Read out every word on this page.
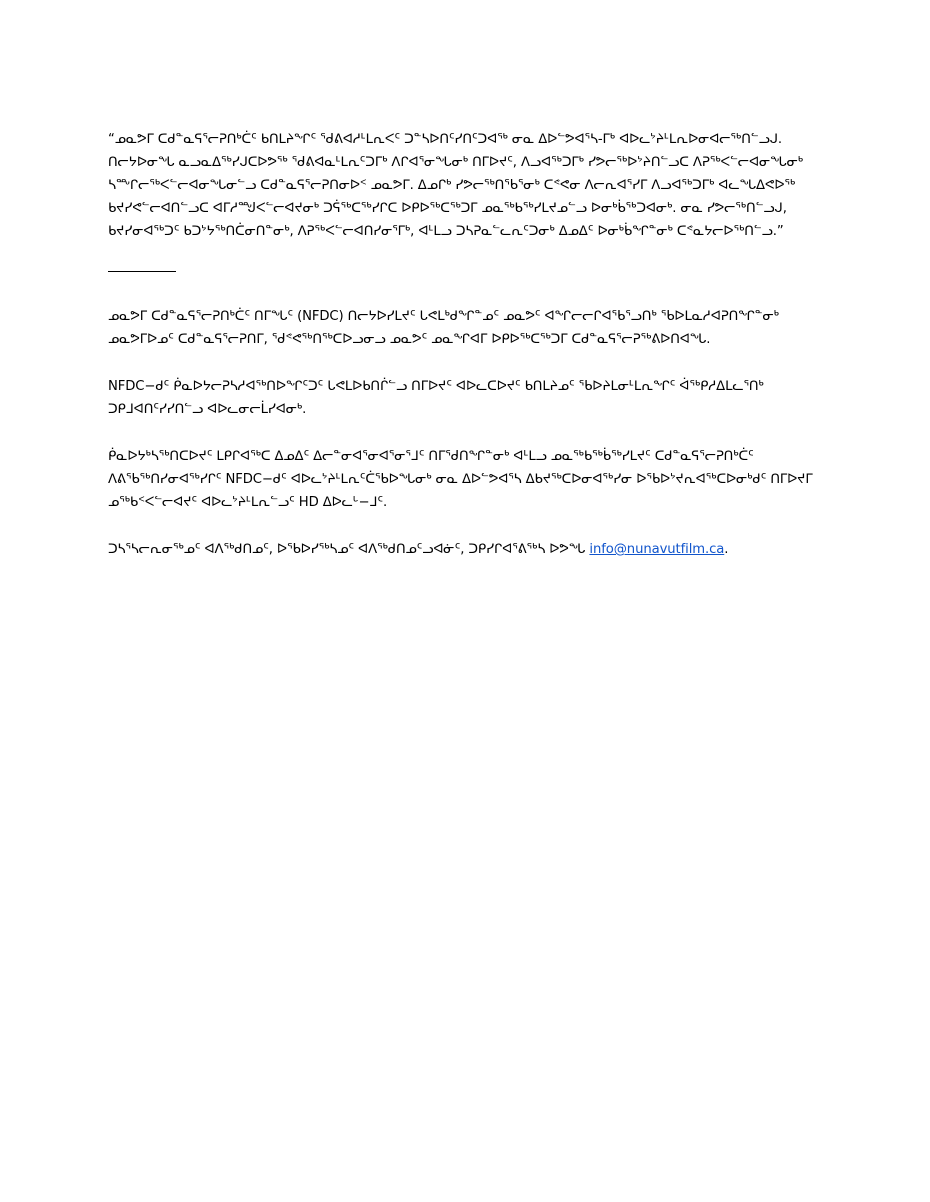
“ᓄᓇᕗᒥ ᑕᑯᓐᓇᕋᕐᓕᕈᑎᒃᑖᑦ ᑲᑎᒪᔨᖏᑦ ᖁᕕᐊᓱᒻᒪᕆᐸᑦ ᑐᓐᓴᐅᑎᑦᓯᑎᑦᑐᐊᕐᒃ ᓂᓇ ᐃᐅᓪᕗᐊᕐᓴ-ᒥᒃ ᐊᐅᓚᔾᔨᒻᒪᕆᐅᓂᐊᓕᖅᑎᓪᓗᒍ. ᑎᓕᔭᐅᓂᖓ ᓇᓗᓇᐃᖅᓯᒍᑕᐅᕗᖅ ᖁᕕᐊᓇᒻᒪᕆᑦᑐᒥᒃ ᐱᒋᐊᕐᓂᖓᓂᒃ ᑎᒥᐅᔪᑦ, ᐱᓗᐊᖅᑐᒥᒃ ᓯᕗᓕᖅᐅᔾᔨᑎᓪᓗᑕ ᐱᕈᖅᐸᓪᓕᐊᓂᖓᓂᒃ ᓴᖖᒋᓕᖅᐸᓪᓕᐊᓂᖓᓂᓪᓗ ᑕᑯᓐᓇᕋᕐᓕᕈᑎᓂᐅᑉ ᓄᓇᕗᒥ. ᐃᓄᒋᒃ ᓯᕗᓕᖅᑎᖃᕐᓂᒃ ᑕᕝᕙᓂ ᐱᓕᕆᐊᕐᓯᒥ ᐱᓗᐊᖅᑐᒥᒃ ᐊᓚᖓᐃᕙᐅᖅ ᑲᔪᓯᕙᓪᓕᐊᑎᓪᓗᑕ ᐊᒥᓱᙳᐸᓪᓕᐊᔪᓂᒃ ᑐᕌᖅᑕᖅᓯᒋᑕ ᐅᑭᐅᖅᑕᖅᑐᒥ ᓄᓇᖅᑲᖅᓯᒪᔪᓄᓪᓗ ᐅᓂᒃᑳᖅᑐᐊᓂᒃ. ᓂᓇ ᓯᕗᓕᖅᑎᓪᓗᒍ, ᑲᔪᓯᓂᐊᖅᑐᑦ ᑲᑐᔾᔭᖅᑎᑖᓂᑎᓐᓂᒃ, ᐱᕈᖅᐸᓪᓕᐊᑎᓯᓂᕐᒥᒃ, ᐊᒻᒪᓗ ᑐᓴᕈᓇᓪᓚᕆᑦᑐᓂᒃ ᐃᓄᐃᑦ ᐅᓂᒃᑳᖏᓐᓂᒃ ᑕᕝᓇᔭᓕᐅᖅᑎᓪᓗ.”

ᓄᓇᕗᒥ ᑕᑯᓐᓇᕋᕐᓕᕈᑎᒃᑖᑦ ᑎᒥᖓᑦ (NFDC) ᑎᓕᔭᐅᓯᒪᔪᑦ ᒐᕙᒪᒃᑯᖏᓐᓄᑦ ᓄᓇᕗᑦ ᐊᖏᓕᓕᒋᐊᖃᕐᓗᑎᒃ ᖃᐅᒪᓇᓱᐊᕈᑎᖏᓐᓂᒃ ᓄᓇᕗᒥᐅᓄᑦ ᑕᑯᓐᓇᕋᕐᓕᕈᑎᒥ, ᖁᕝᕙᖅᑎᖅᑕᐅᓗᓂᓗ ᓄᓇᕗᑦ ᓄᓇᖏᐊᒥ ᐅᑭᐅᖅᑕᖅᑐᒥ ᑕᑯᓐᓇᕋᕐᓕᕈᖅᕕᐅᑎᐊᖓ.

NFDC−ᑯᑦ ᑮᓇᐅᔭᓕᕈᓴᓱᐊᖅᑎᐅᖏᑦᑐᑦ ᒐᕙᒪᐅᑲᑎᒌᓪᓗ ᑎᒥᐅᔪᑦ ᐊᐅᓚᑕᐅᔪᑦ ᑲᑎᒪᔨᓄᑦ ᖃᐅᔨᒪᓂᒻᒪᕆᖏᑦ ᐋᖅᑭᓱᐃᒪᓚᕐᑎᒃ ᑐᑭᒧᐊᑎᑦᓯᓯᑎᓪᓗ ᐊᐅᓚᓂᓕᒫᓯᐊᓂᒃ.

ᑮᓇᐅᔭᒃᓴᖅᑎᑕᐅᔪᑦ ᒪᑭᒋᐊᖅᑕ ᐃᓄᐃᑦ ᐃᓕᓐᓂᐊᕐᓂᐊᕐᓂᕐᒧᑦ ᑎᒥᖁᑎᖏᓐᓂᒃ ᐊᒻᒪᓗ ᓄᓇᖅᑲᖅᑳᖅᓯᒪᔪᑦ ᑕᑯᓐᓇᕋᕐᓕᕈᑎᒃᑖᑦ ᐱᕕᖃᖅᑎᓯᓂᐊᖅᓯᒋᑦ NFDC−ᑯᑦ ᐊᐅᓚᔾᔨᒻᒪᕆᑦᑖᖃᐅᖓᓂᒃ ᓂᓇ ᐃᐅᓪᕗᐊᕐᓴ ᐃᑲᔪᖅᑕᐅᓂᐊᖅᓯᓂ ᐅᖃᐅᔾᔪᕆᐊᖅᑕᐅᓂᒃᑯᑦ ᑎᒥᐅᔪᒥ ᓄᖅᑲᑉᐸᓪᓕᐊᔪᑦ ᐊᐅᓚᔾᔨᒻᒪᕆᓪᓗᑦ HD ᐃᐅᓚᒡ−ᒧᑦ.

ᑐᓴᕐᓴᓕᕆᓂᖅᓄᑦ ᐊᐱᖅᑯᑎᓄᑦ, ᐅᖃᐅᓯᖅᓴᓄᑦ ᐊᐱᖅᑯᑎᓄᑦᓗᐊᓃᑦ, ᑐᑭᓯᒋᐊᕐᕕᖅᓴ ᐅᕗᖓ info@nunavutfilm.ca.
